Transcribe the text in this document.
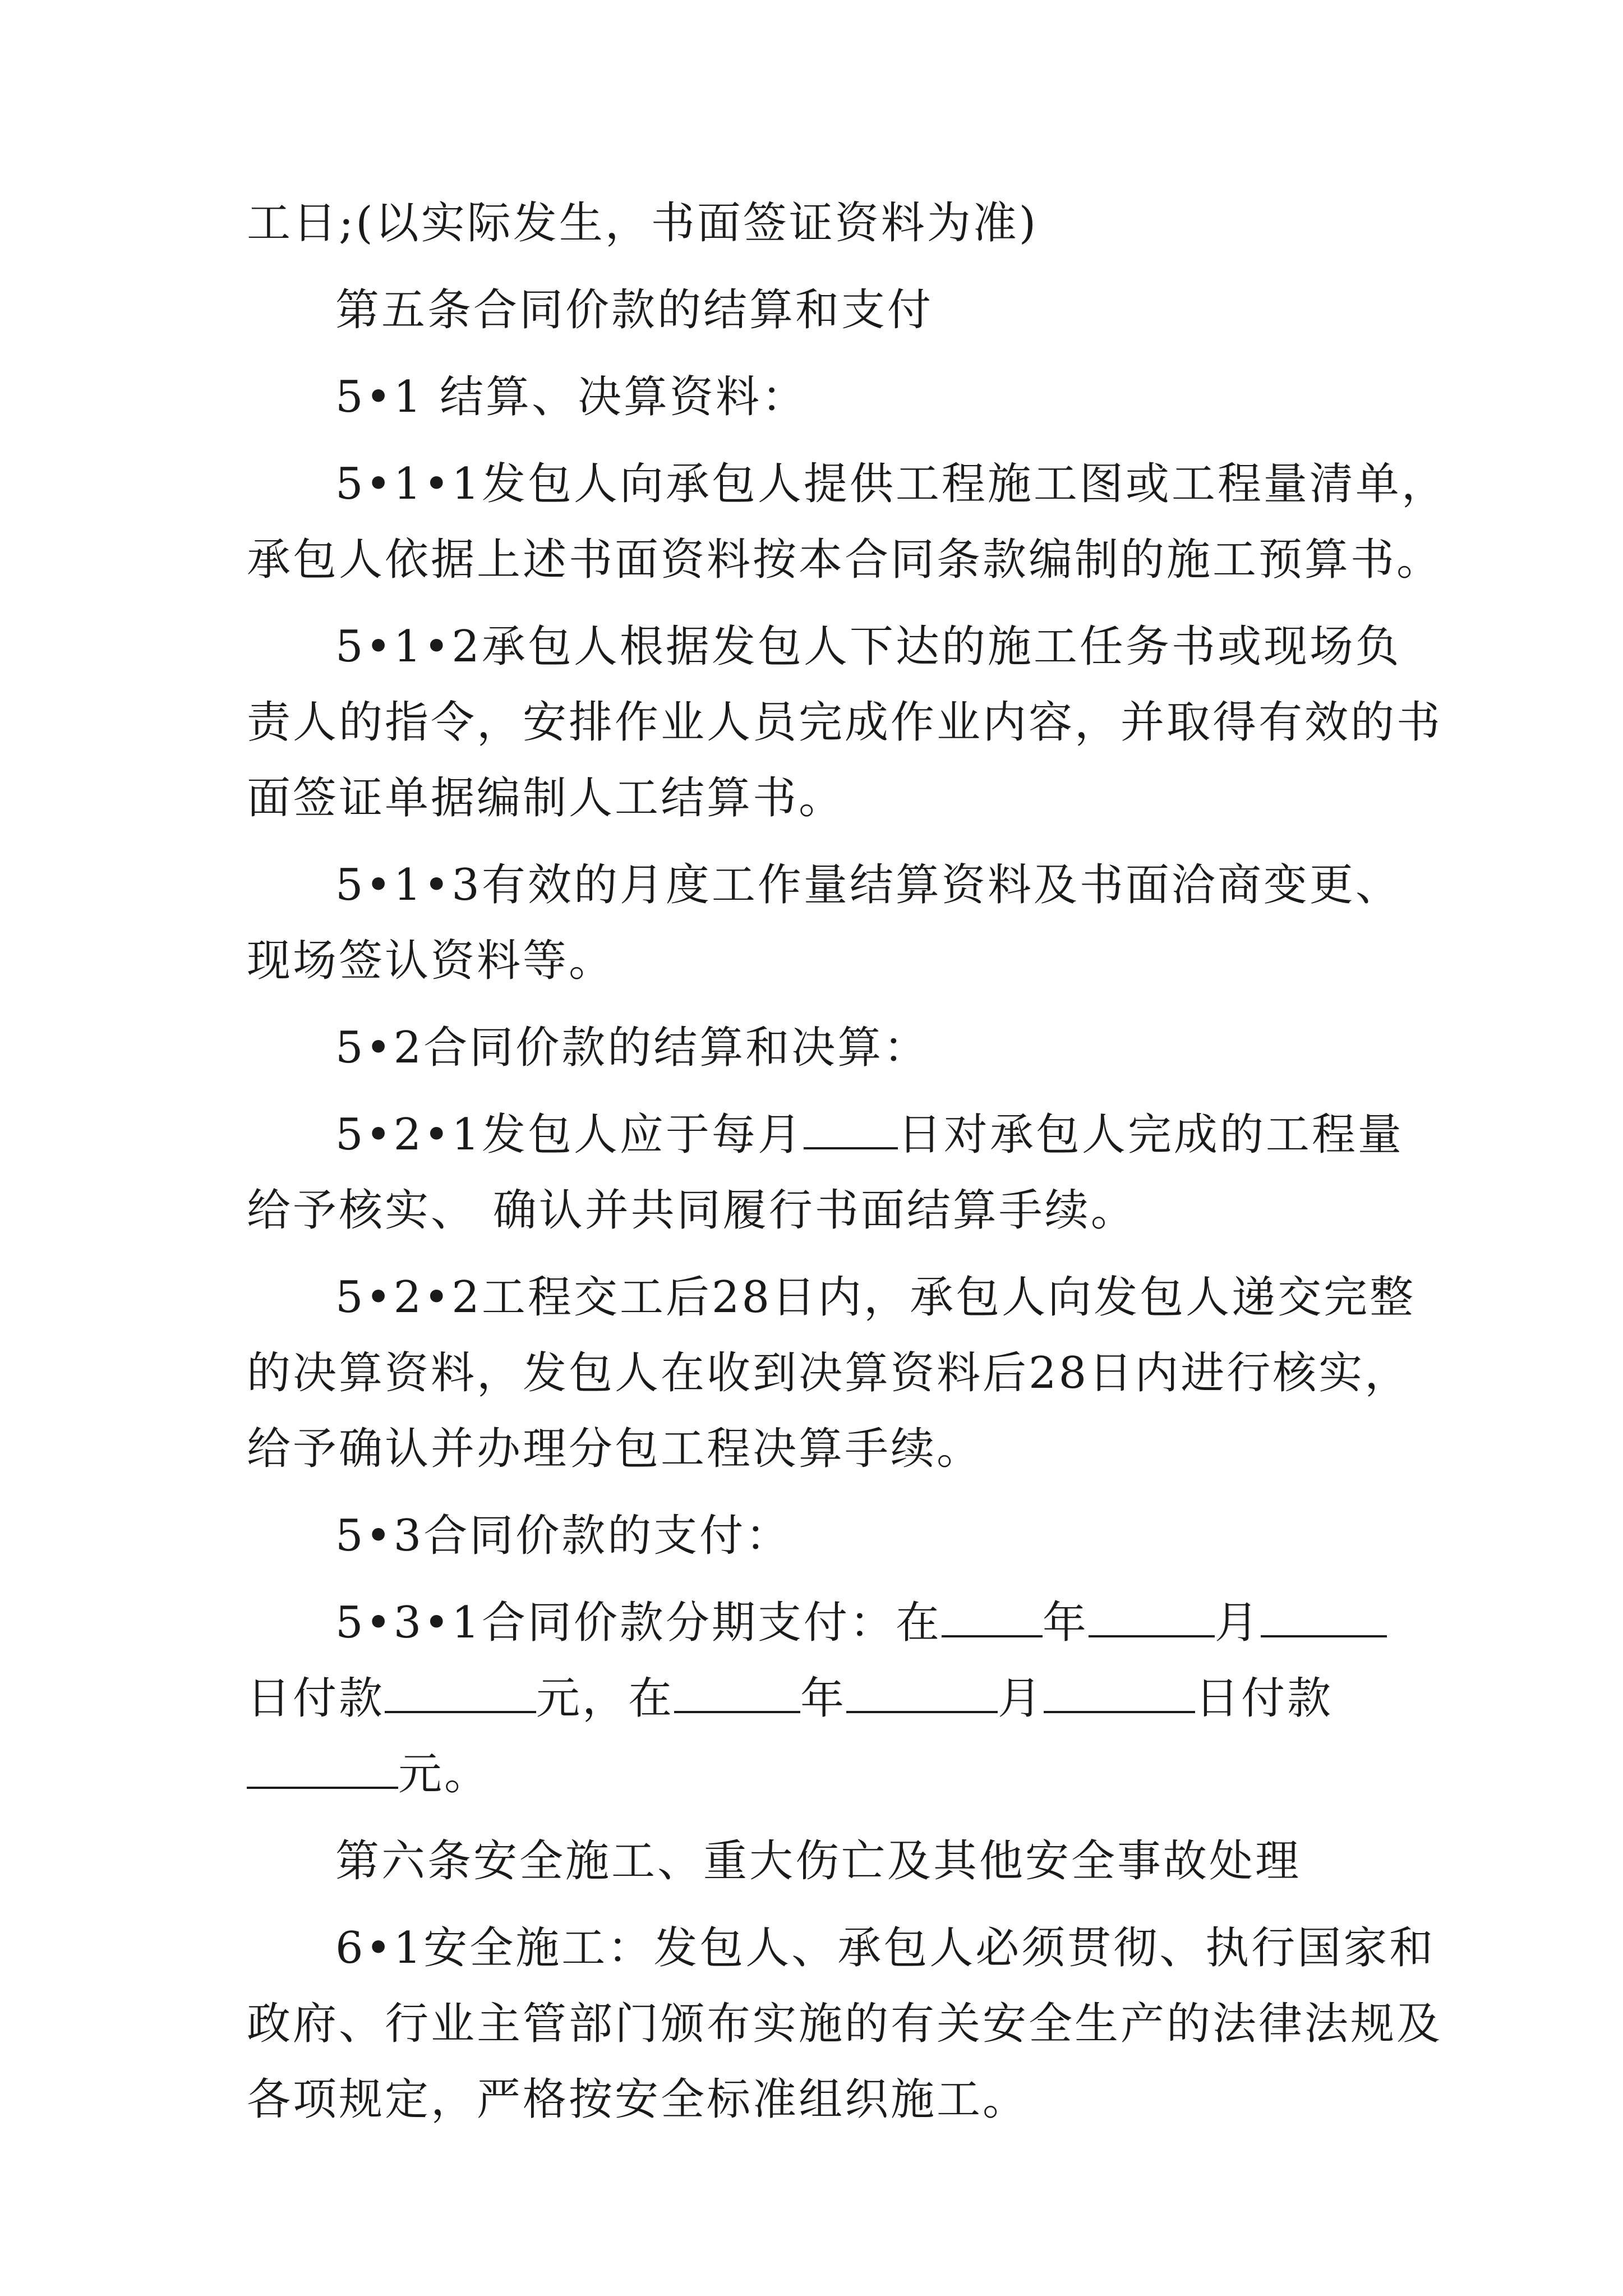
工日;(以实际发生，书面签证资料为准)
第五条合同价款的结算和支付
5•1 结算、决算资料：
5•1•1发包人向承包人提供工程施工图或工程量清单，
承包人依据上述书面资料按本合同条款编制的施工预算书。
5•1•2承包人根据发包人下达的施工任务书或现场负
责人的指令，安排作业人员完成作业内容，并取得有效的书
面签证单据编制人工结算书。
5•1•3有效的月度工作量结算资料及书面洽商变更、
现场签认资料等。
5•2合同价款的结算和决算：
5•2•1发包人应于每月 日对承包人完成的工程量
给予核实、 确认并共同履行书面结算手续。
5•2•2工程交工后28日内，承包人向发包人递交完整
的决算资料，发包人在收到决算资料后28日内进行核实，
给予确认并办理分包工程决算手续。
5•3合同价款的支付：
5•3•1合同价款分期支付：在 年	月
日付款	元，在	年	月	日付款
元。
第六条安全施工、重大伤亡及其他安全事故处理
6•1安全施工：发包人、承包人必须贯彻、执行国家和
政府、行业主管部门颁布实施的有关安全生产的法律法规及
各项规定，严格按安全标准组织施工。
